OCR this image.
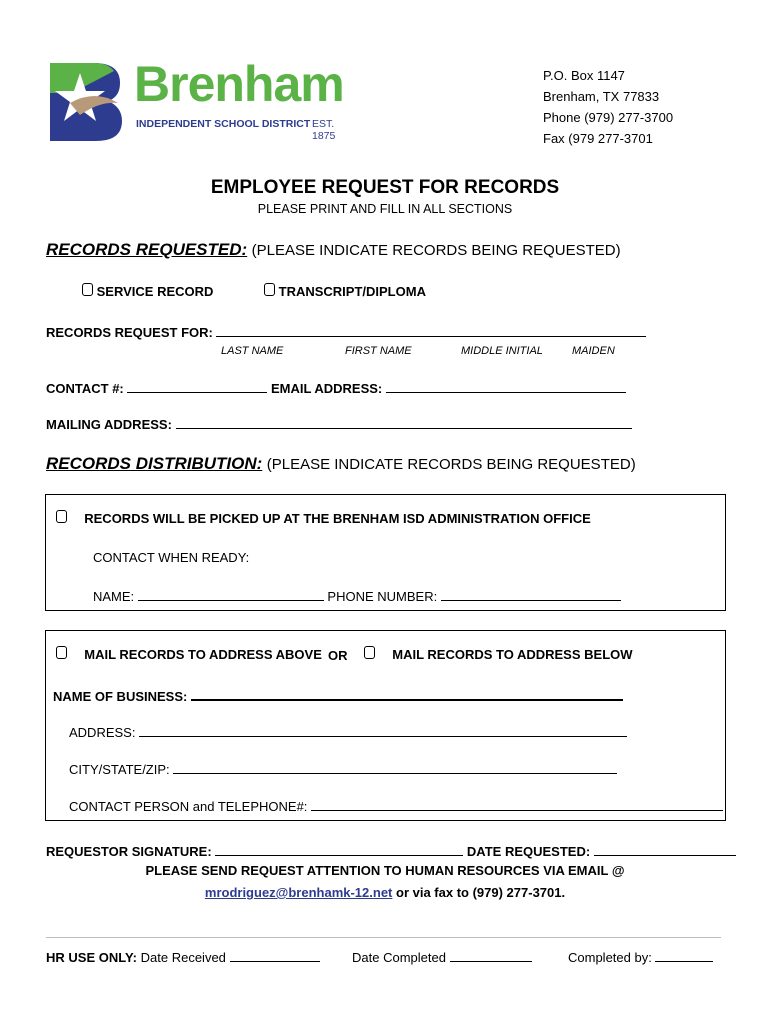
Brenham
INDEPENDENT SCHOOL DISTRICT EST. 1875
P.O. Box 1147
Brenham, TX 77833
Phone (979) 277-3700
Fax (979 277-3701
EMPLOYEE REQUEST FOR RECORDS
PLEASE PRINT AND FILL IN ALL SECTIONS
RECORDS REQUESTED: (PLEASE INDICATE RECORDS BEING REQUESTED)
SERVICE RECORD	TRANSCRIPT/DIPLOMA
RECORDS REQUEST FOR:
LAST NAME	FIRST NAME	MIDDLE INITIAL	MAIDEN
CONTACT #:	EMAIL ADDRESS:
MAILING ADDRESS:
RECORDS DISTRIBUTION: (PLEASE INDICATE RECORDS BEING REQUESTED)
RECORDS WILL BE PICKED UP AT THE BRENHAM ISD ADMINISTRATION OFFICE
CONTACT WHEN READY:
NAME:	PHONE NUMBER:
MAIL RECORDS TO ADDRESS ABOVE OR	MAIL RECORDS TO ADDRESS BELOW
NAME OF BUSINESS:
ADDRESS:
CITY/STATE/ZIP:
CONTACT PERSON and TELEPHONE#:
REQUESTOR SIGNATURE:	DATE REQUESTED:
PLEASE SEND REQUEST ATTENTION TO HUMAN RESOURCES VIA EMAIL @
mrodriguez@brenhamk-12.net or via fax to (979) 277-3701.
HR USE ONLY: Date Received	Date Completed	Completed by:
